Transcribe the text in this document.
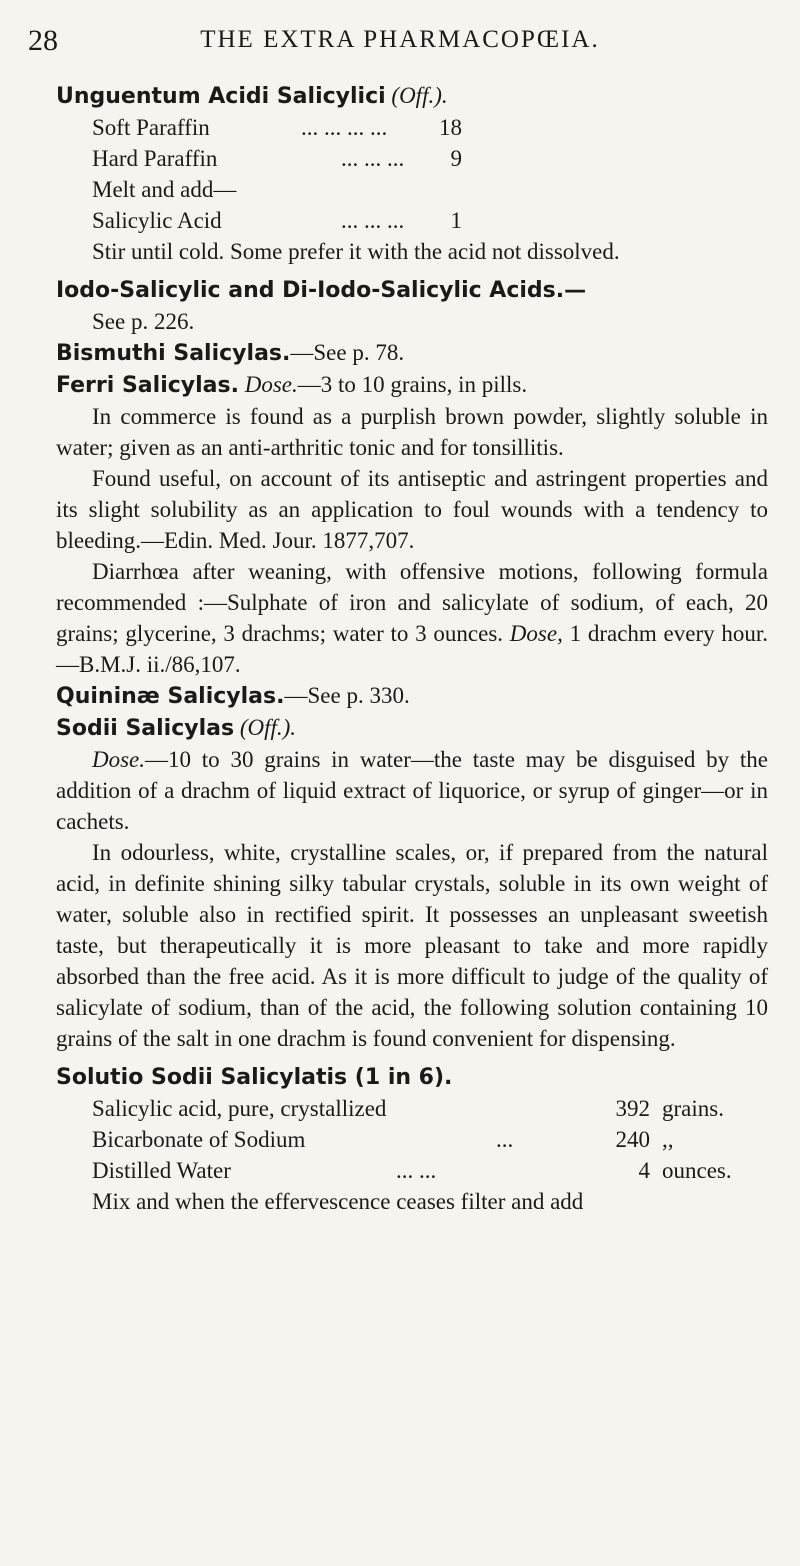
28	THE EXTRA PHARMACOPŒIA.
Unguentum Acidi Salicylici (Off.).
Soft Paraffin	... ... ... ... 18
Hard Paraffin	... ... ... 9
Melt and add—
Salicylic Acid	... ... ... 1

Stir until cold. Some prefer it with the acid not dissolved.

Iodo-Salicylic and Di-Iodo-Salicylic Acids.—
See p. 226.
Bismuthi Salicylas.—See p. 78.
Ferri Salicylas. Dose.—3 to 10 grains, in pills.

In commerce is found as a purplish brown powder, slightly soluble in water; given as an anti-arthritic tonic and for tonsillitis.

Found useful, on account of its antiseptic and astringent properties and its slight solubility as an application to foul wounds with a tendency to bleeding.—Edin. Med. Jour. 1877,707.

Diarrhœa after weaning, with offensive motions, following formula recommended :—Sulphate of iron and salicylate of sodium, of each, 20 grains; glycerine, 3 drachms; water to 3 ounces. Dose, 1 drachm every hour.—B.M.J. ii./86,107.

Quininæ Salicylas.—See p. 330.
Sodii Salicylas (Off.).

Dose.—10 to 30 grains in water—the taste may be disguised by the addition of a drachm of liquid extract of liquorice, or syrup of ginger—or in cachets.

In odourless, white, crystalline scales, or, if prepared from the natural acid, in definite shining silky tabular crystals, soluble in its own weight of water, soluble also in rectified spirit. It possesses an unpleasant sweetish taste, but therapeutically it is more pleasant to take and more rapidly absorbed than the free acid. As it is more difficult to judge of the quality of salicylate of sodium, than of the acid, the following solution containing 10 grains of the salt in one drachm is found convenient for dispensing.

Solutio Sodii Salicylatis (1 in 6).
Salicylic acid, pure, crystallized	392 grains.
Bicarbonate of Sodium	...	240 ,,
Distilled Water	... ...	4 ounces.

Mix and when the effervescence ceases filter and add
